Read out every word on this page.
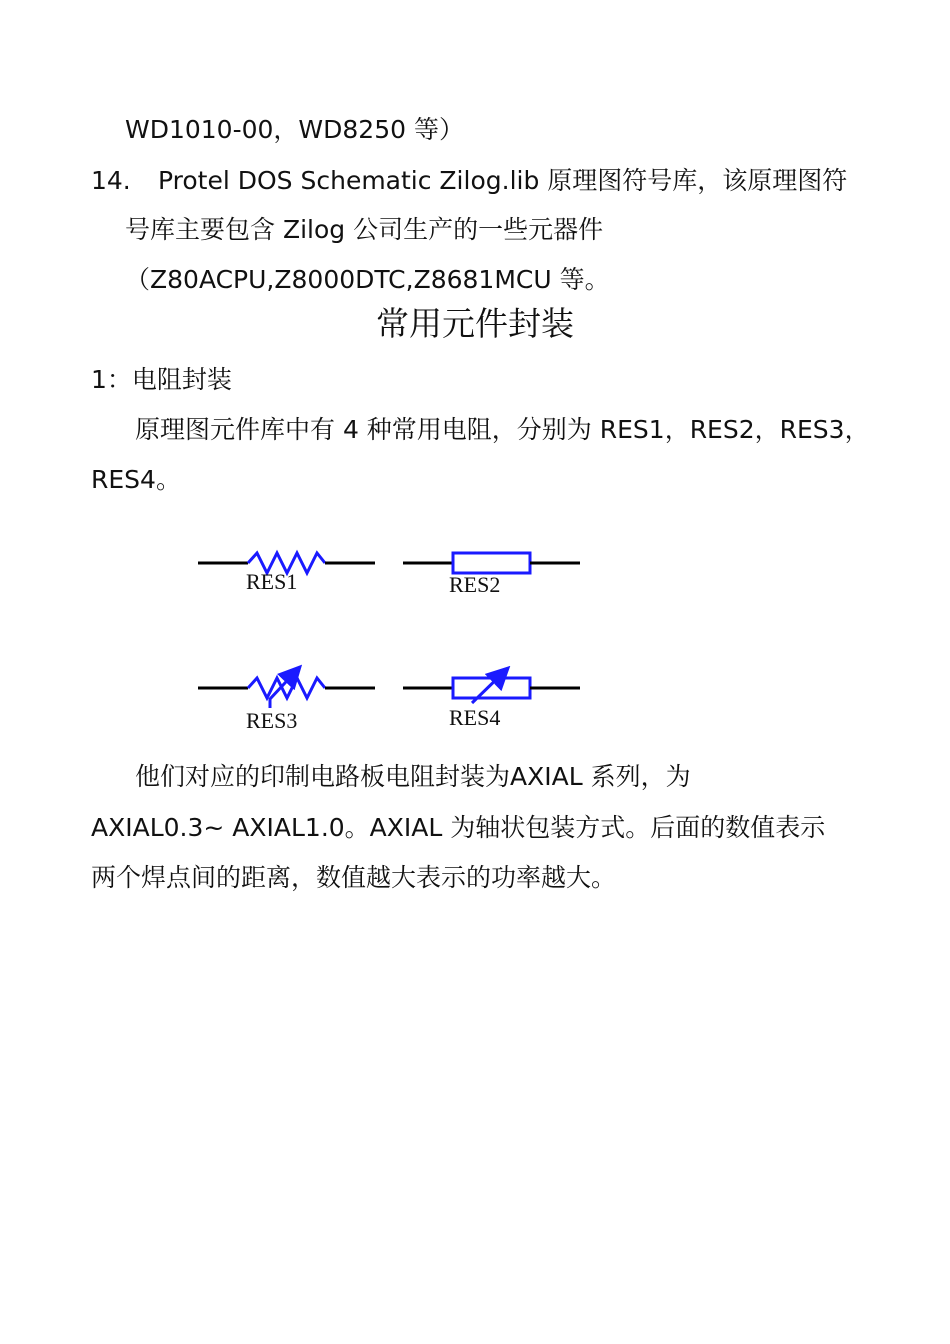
WD1010-00，WD8250 等）
14. Protel DOS Schematic Zilog.lib 原理图符号库，该原理图符
号库主要包含 Zilog 公司生产的一些元器件
（Z80ACPU,Z8000DTC,Z8681MCU 等。
常用元件封装
1：电阻封装
原理图元件库中有 4 种常用电阻，分别为 RES1，RES2，RES3，
RES4。
RES1	RES2
RES3	RES4
他们对应的印制电路板电阻封装为AXIAL 系列，为
AXIAL0.3~ AXIAL1.0。AXIAL 为轴状包装方式。后面的数值表示
两个焊点间的距离，数值越大表示的功率越大。
